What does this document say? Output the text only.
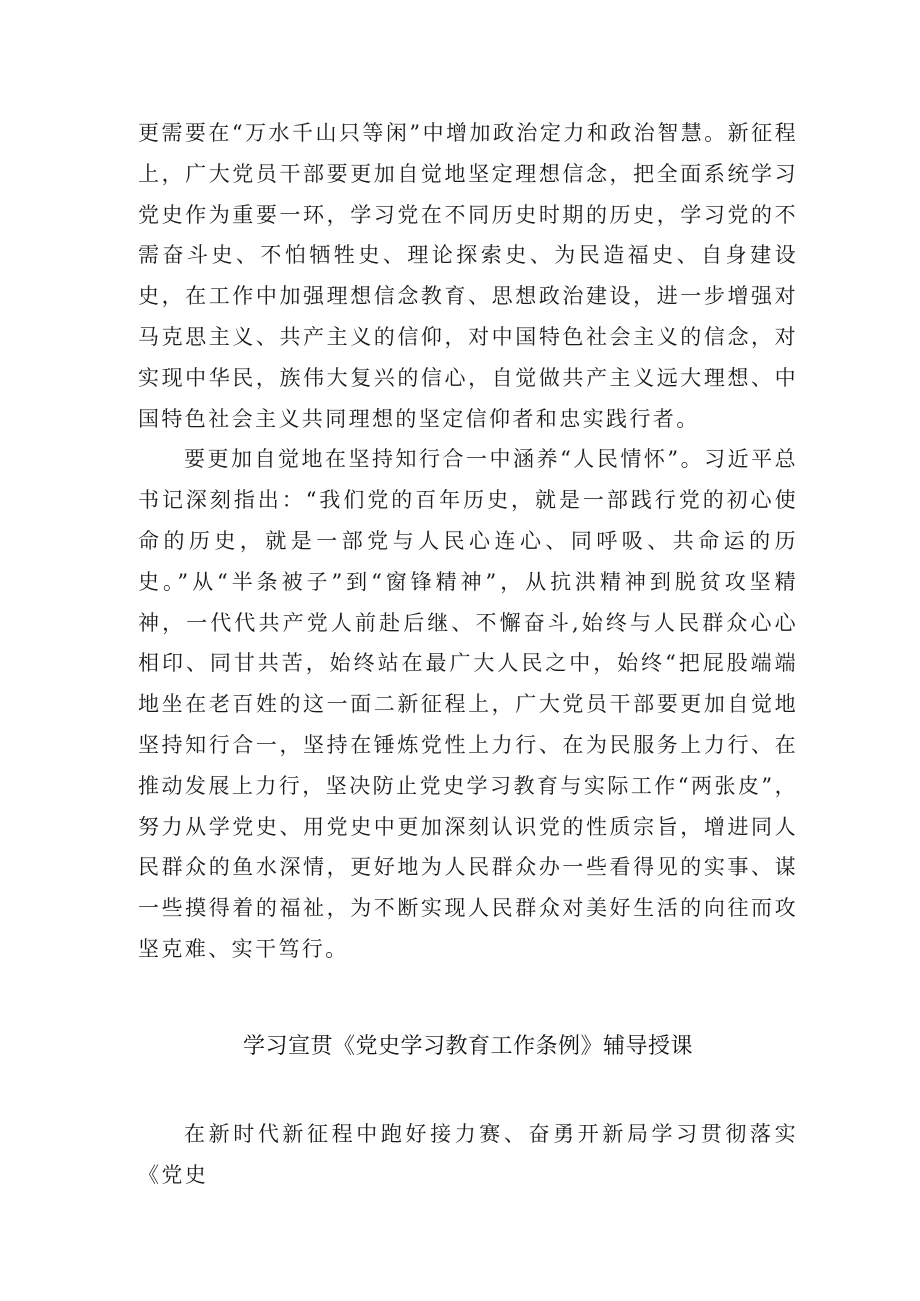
更需要在“万水千山只等闲”中增加政治定力和政治智慧。新征程上，广大党员干部要更加自觉地坚定理想信念，把全面系统学习党史作为重要一环，学习党在不同历史时期的历史，学习党的不需奋斗史、不怕牺牲史、理论探索史、为民造福史、自身建设史，在工作中加强理想信念教育、思想政治建设，进一步增强对马克思主义、共产主义的信仰，对中国特色社会主义的信念，对实现中华民，族伟大复兴的信心，自觉做共产主义远大理想、中国特色社会主义共同理想的坚定信仰者和忠实践行者。

要更加自觉地在坚持知行合一中涵养“人民情怀”。习近平总书记深刻指出：“我们党的百年历史，就是一部践行党的初心使命的历史，就是一部党与人民心连心、同呼吸、共命运的历史。”从“半条被子”到“窗锋精神”，从抗洪精神到脱贫攻坚精神，一代代共产党人前赴后继、不懈奋斗,始终与人民群众心心相印、同甘共苦，始终站在最广大人民之中，始终“把屁股端端地坐在老百姓的这一面二新征程上，广大党员干部要更加自觉地坚持知行合一，坚持在锤炼党性上力行、在为民服务上力行、在推动发展上力行，坚决防止党史学习教育与实际工作“两张皮”，努力从学党史、用党史中更加深刻认识党的性质宗旨，增进同人民群众的鱼水深情，更好地为人民群众办一些看得见的实事、谋一些摸得着的福祉，为不断实现人民群众对美好生活的向往而攻坚克难、实干笃行。

学习宣贯《党史学习教育工作条例》辅导授课

在新时代新征程中跑好接力赛、奋勇开新局学习贯彻落实《党史
